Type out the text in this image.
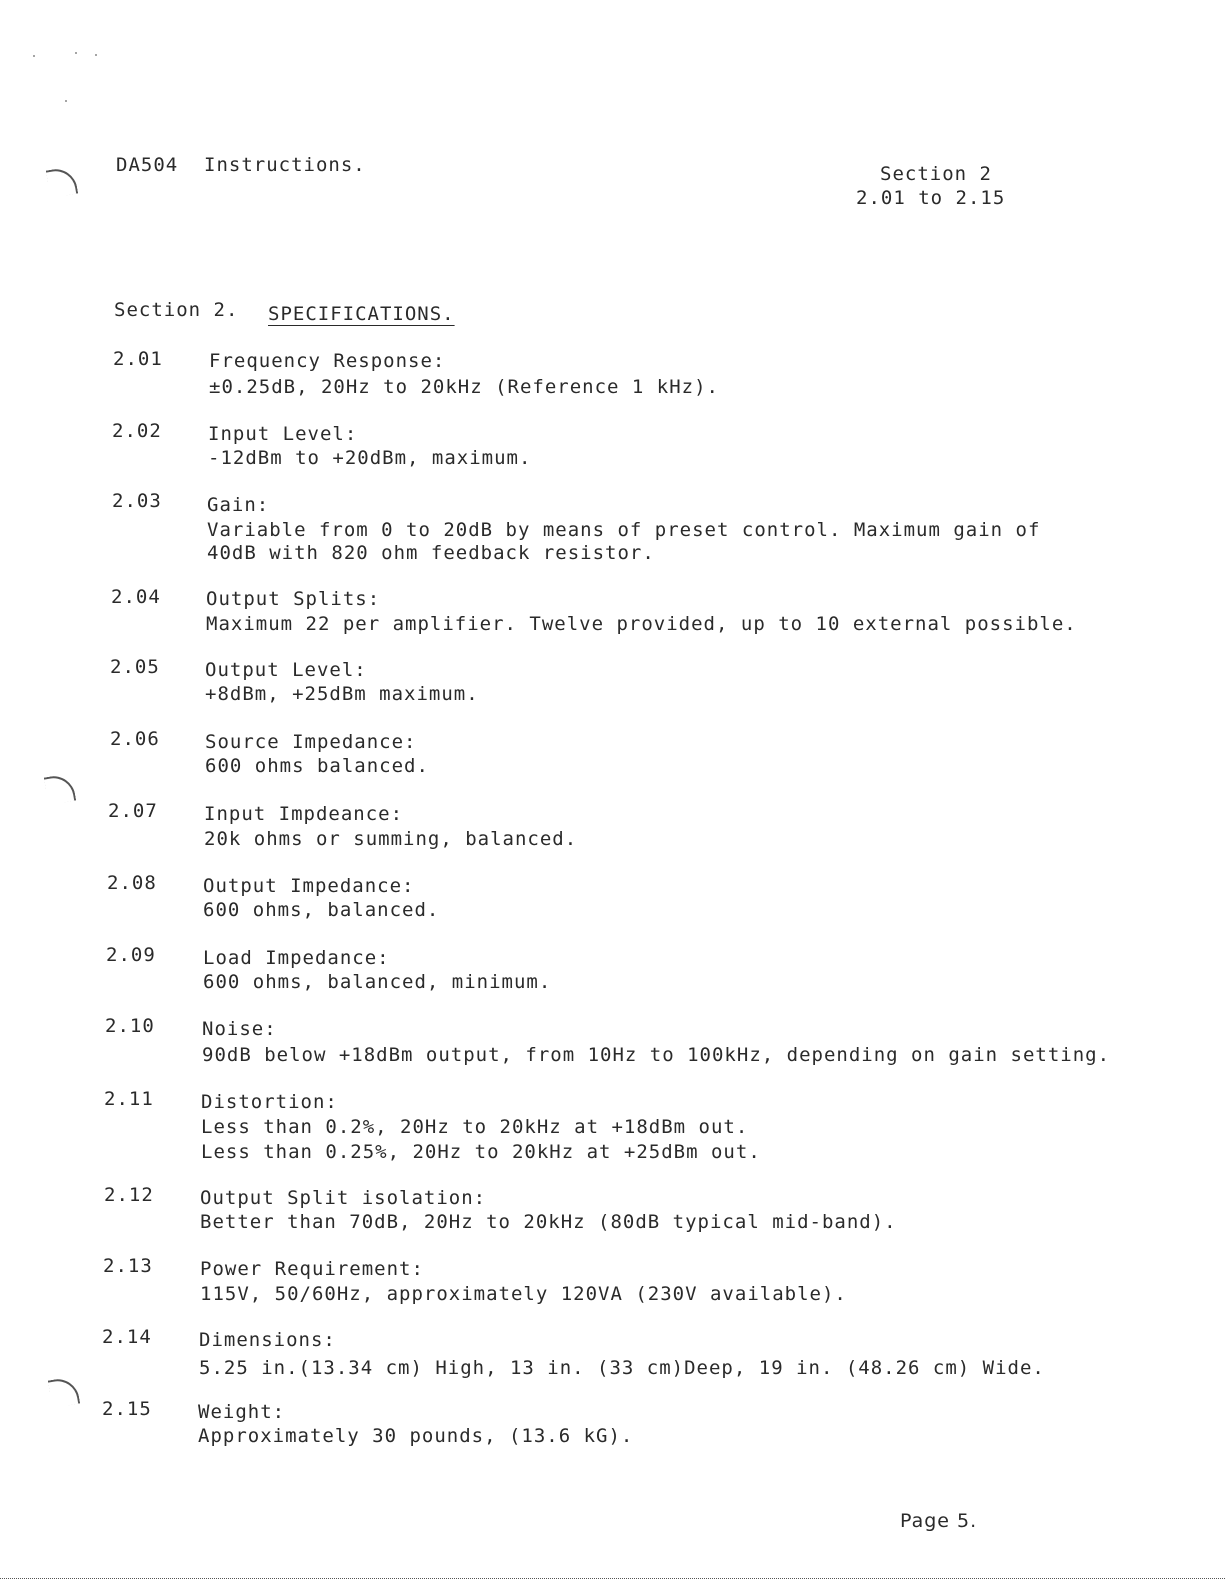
DA504 Instructions.	Section 2
2.01 to 2.15
Section 2. SPECIFICATIONS.
2.01 Frequency Response:
±0.25dB, 20Hz to 20kHz (Reference 1 kHz).
2.02 Input Level:
-12dBm to +20dBm, maximum.
2.03 Gain:
Variable from 0 to 20dB by means of preset control. Maximum gain of
40dB with 820 ohm feedback resistor.
2.04 Output Splits:
Maximum 22 per amplifier. Twelve provided, up to 10 external possible.
2.05 Output Level:
+8dBm, +25dBm maximum.
2.06 Source Impedance:
600 ohms balanced.
2.07 Input Impdeance:
20k ohms or summing, balanced.
2.08 Output Impedance:
600 ohms, balanced.
2.09 Load Impedance:
600 ohms, balanced, minimum.
2.10 Noise:
90dB below +18dBm output, from 10Hz to 100kHz, depending on gain setting.
2.11 Distortion:
Less than 0.2%, 20Hz to 20kHz at +18dBm out.
Less than 0.25%, 20Hz to 20kHz at +25dBm out.
2.12 Output Split isolation:
Better than 70dB, 20Hz to 20kHz (80dB typical mid-band).
2.13 Power Requirement:
115V, 50/60Hz, approximately 120VA (230V available).
2.14 Dimensions:
5.25 in.(13.34 cm) High, 13 in. (33 cm)Deep, 19 in. (48.26 cm) Wide.
2.15 Weight:
Approximately 30 pounds, (13.6 kG).
Page 5.
